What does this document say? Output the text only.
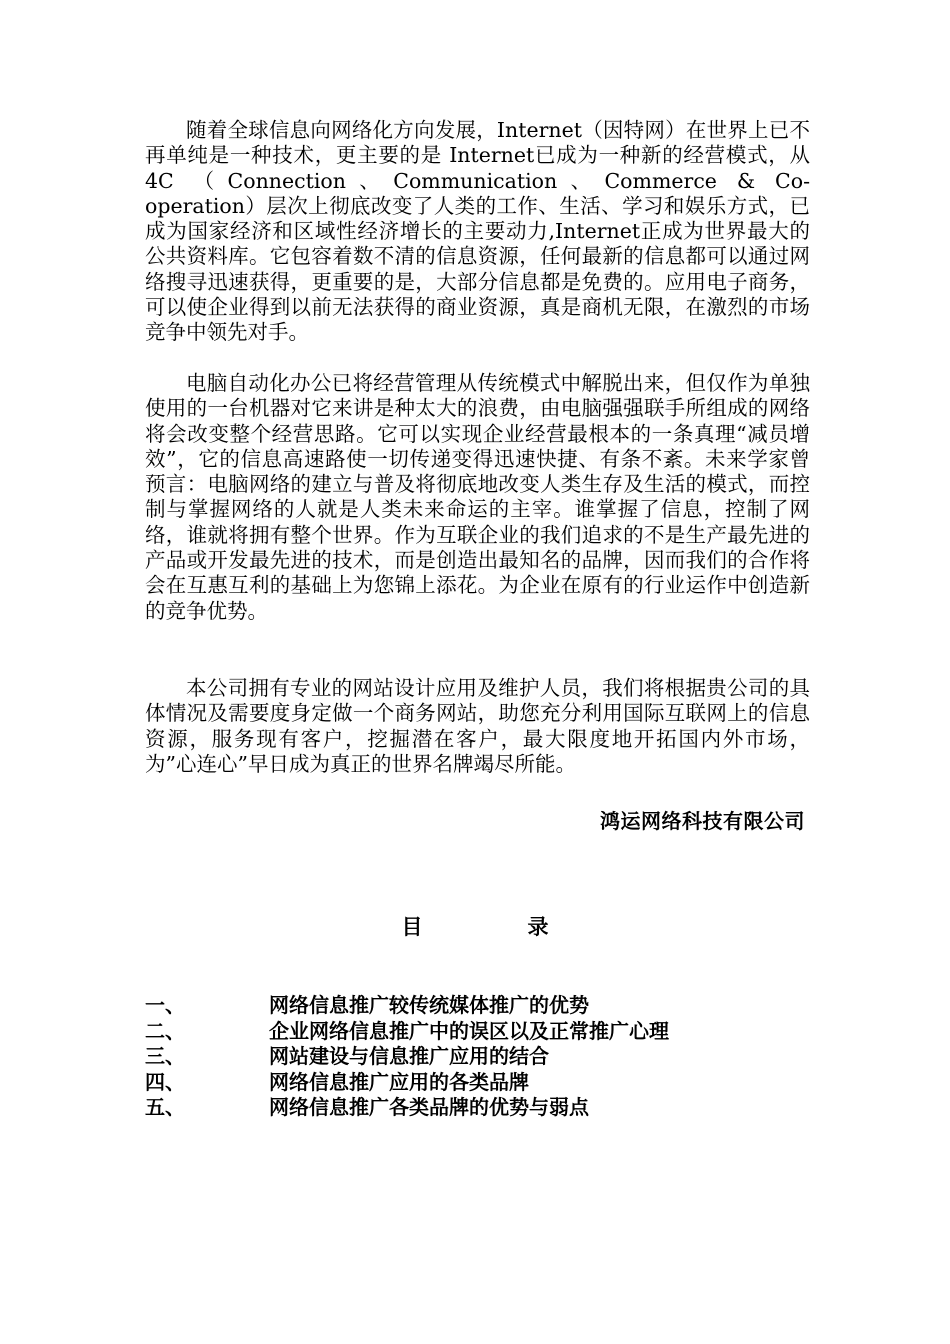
随着全球信息向网络化方向发展，Internet（因特网）在世界上已不再单纯是一种技术，更主要的是 Internet已成为一种新的经营模式，从4C （Connection、Communication、Commerce & Co-operation）层次上彻底改变了人类的工作、生活、学习和娱乐方式，已成为国家经济和区域性经济增长的主要动力,Internet正成为世界最大的公共资料库。它包容着数不清的信息资源，任何最新的信息都可以通过网络搜寻迅速获得，更重要的是，大部分信息都是免费的。应用电子商务，可以使企业得到以前无法获得的商业资源，真是商机无限，在激烈的市场竞争中领先对手。

电脑自动化办公已将经营管理从传统模式中解脱出来，但仅作为单独使用的一台机器对它来讲是种太大的浪费，由电脑强强联手所组成的网络将会改变整个经营思路。它可以实现企业经营最根本的一条真理“减员增效”，它的信息高速路使一切传递变得迅速快捷、有条不紊。未来学家曾预言：电脑网络的建立与普及将彻底地改变人类生存及生活的模式，而控制与掌握网络的人就是人类未来命运的主宰。谁掌握了信息，控制了网络，谁就将拥有整个世界。作为互联企业的我们追求的不是生产最先进的产品或开发最先进的技术，而是创造出最知名的品牌，因而我们的合作将会在互惠互利的基础上为您锦上添花。为企业在原有的行业运作中创造新的竞争优势。

本公司拥有专业的网站设计应用及维护人员，我们将根据贵公司的具体情况及需要度身定做一个商务网站，助您充分利用国际互联网上的信息资源，服务现有客户，挖掘潜在客户，最大限度地开拓国内外市场，为”心连心”早日成为真正的世界名牌竭尽所能。

鸿运网络科技有限公司
目	录
一、	网络信息推广较传统媒体推广的优势
二、	企业网络信息推广中的误区以及正常推广心理
三、	网站建设与信息推广应用的结合
四、	网络信息推广应用的各类品牌
五、	网络信息推广各类品牌的优势与弱点
